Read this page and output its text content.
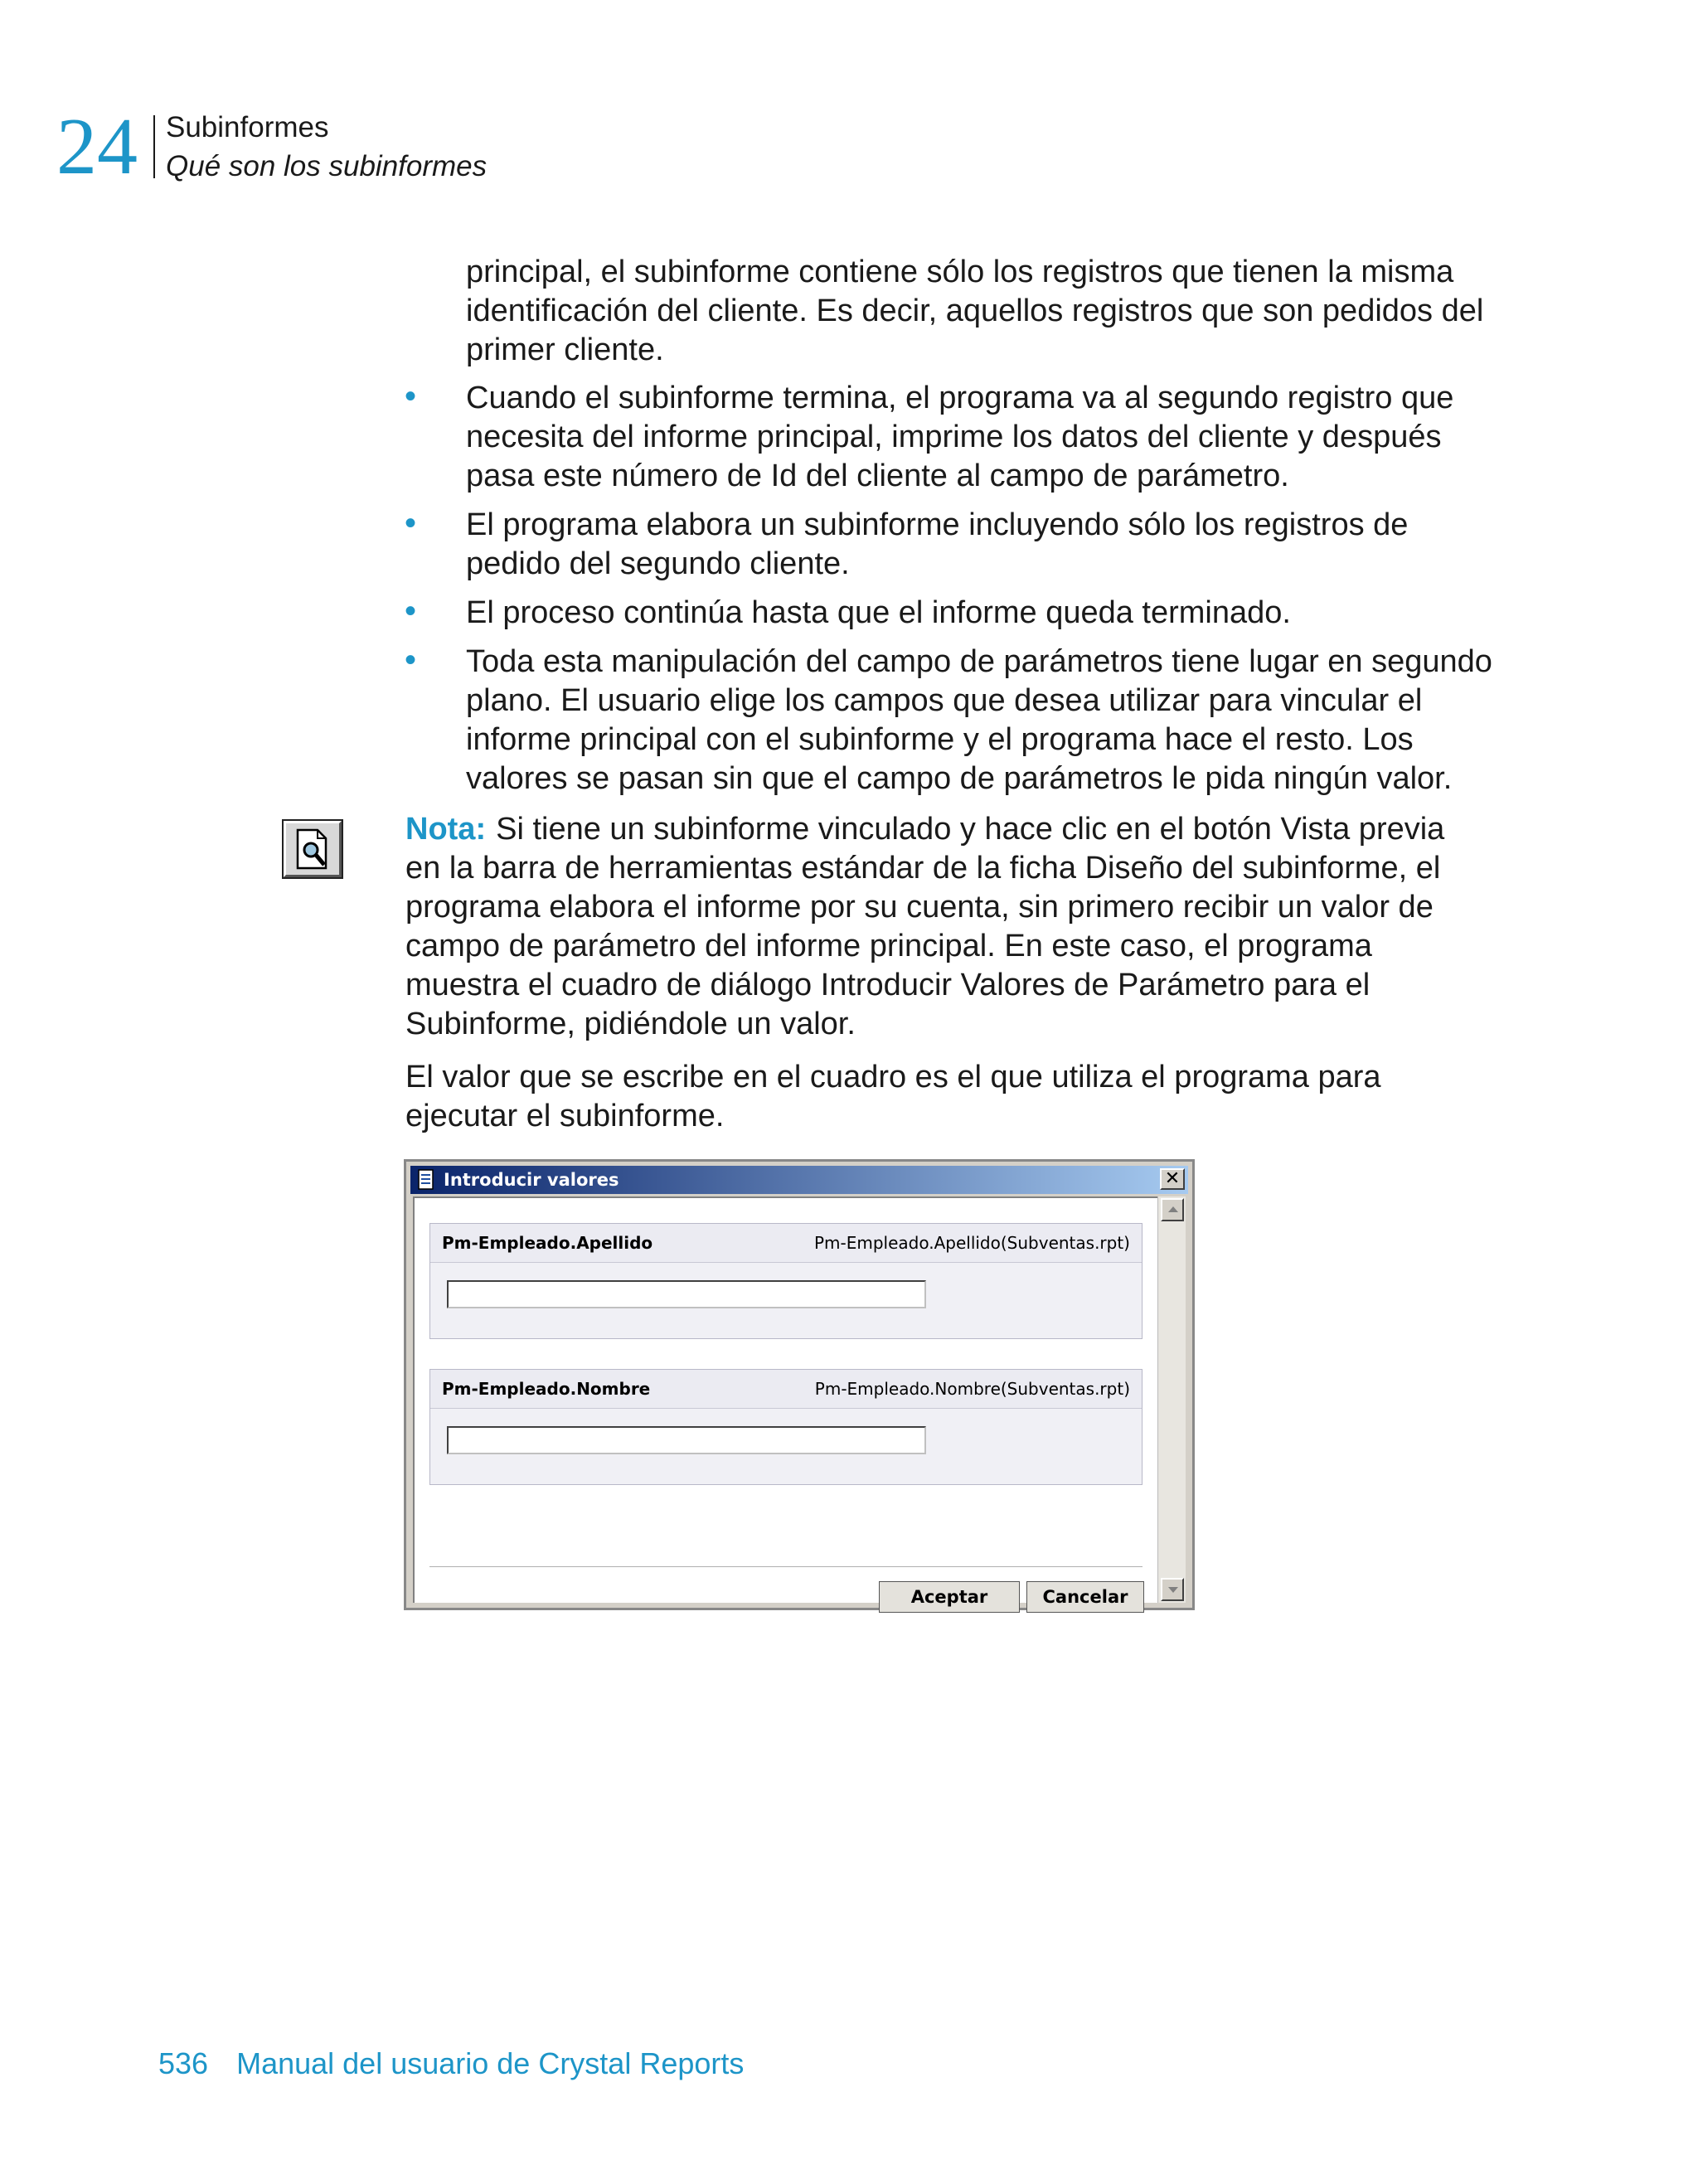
24 Subinformes
Qué son los subinformes

principal, el subinforme contiene sólo los registros que tienen la misma identificación del cliente. Es decir, aquellos registros que son pedidos del primer cliente.

• Cuando el subinforme termina, el programa va al segundo registro que necesita del informe principal, imprime los datos del cliente y después pasa este número de Id del cliente al campo de parámetro.
• El programa elabora un subinforme incluyendo sólo los registros de pedido del segundo cliente.
• El proceso continúa hasta que el informe queda terminado.
• Toda esta manipulación del campo de parámetros tiene lugar en segundo plano. El usuario elige los campos que desea utilizar para vincular el informe principal con el subinforme y el programa hace el resto. Los valores se pasan sin que el campo de parámetros le pida ningún valor.

Nota: Si tiene un subinforme vinculado y hace clic en el botón Vista previa en la barra de herramientas estándar de la ficha Diseño del subinforme, el programa elabora el informe por su cuenta, sin primero recibir un valor de campo de parámetro del informe principal. En este caso, el programa muestra el cuadro de diálogo Introducir Valores de Parámetro para el Subinforme, pidiéndole un valor.

El valor que se escribe en el cuadro es el que utiliza el programa para ejecutar el subinforme.

Introducir valores	✕
Pm-Empleado.Apellido	Pm-Empleado.Apellido(Subventas.rpt)
Pm-Empleado.Nombre	Pm-Empleado.Nombre(Subventas.rpt)
Aceptar	Cancelar
536 Manual del usuario de Crystal Reports
